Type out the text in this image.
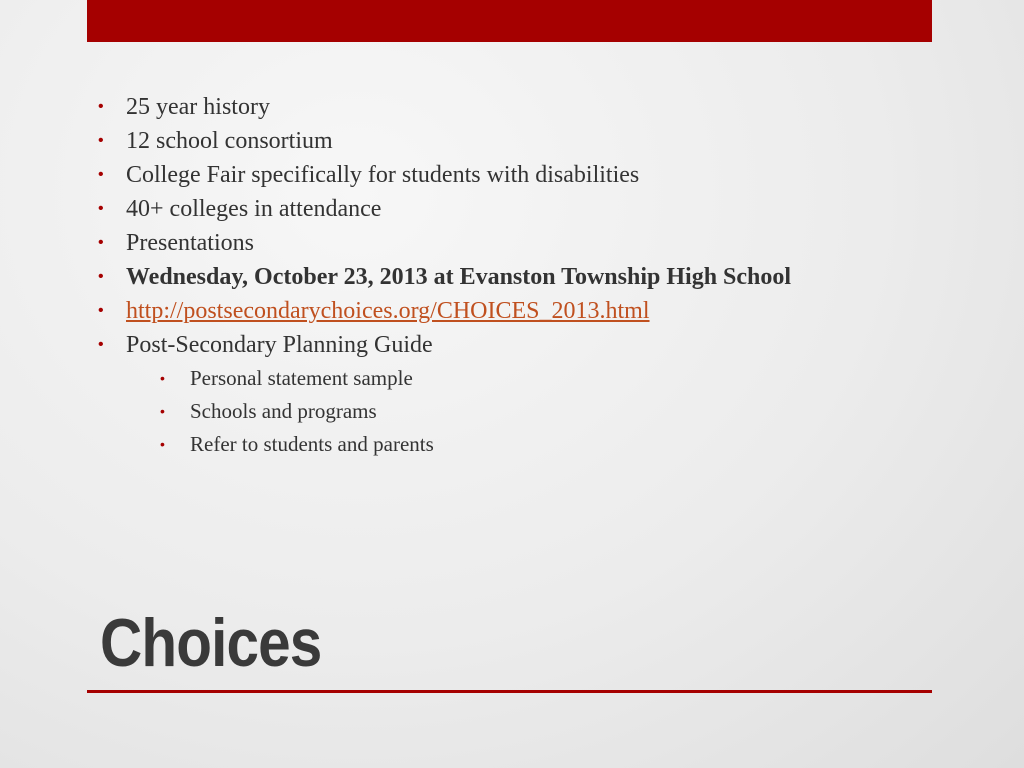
• 25 year history
• 12 school consortium
• College Fair specifically for students with disabilities
• 40+ colleges in attendance
• Presentations
• Wednesday, October 23, 2013 at Evanston Township High School
• http://postsecondarychoices.org/CHOICES_2013.html
• Post-Secondary Planning Guide
• Personal statement sample
• Schools and programs
• Refer to students and parents
Choices
